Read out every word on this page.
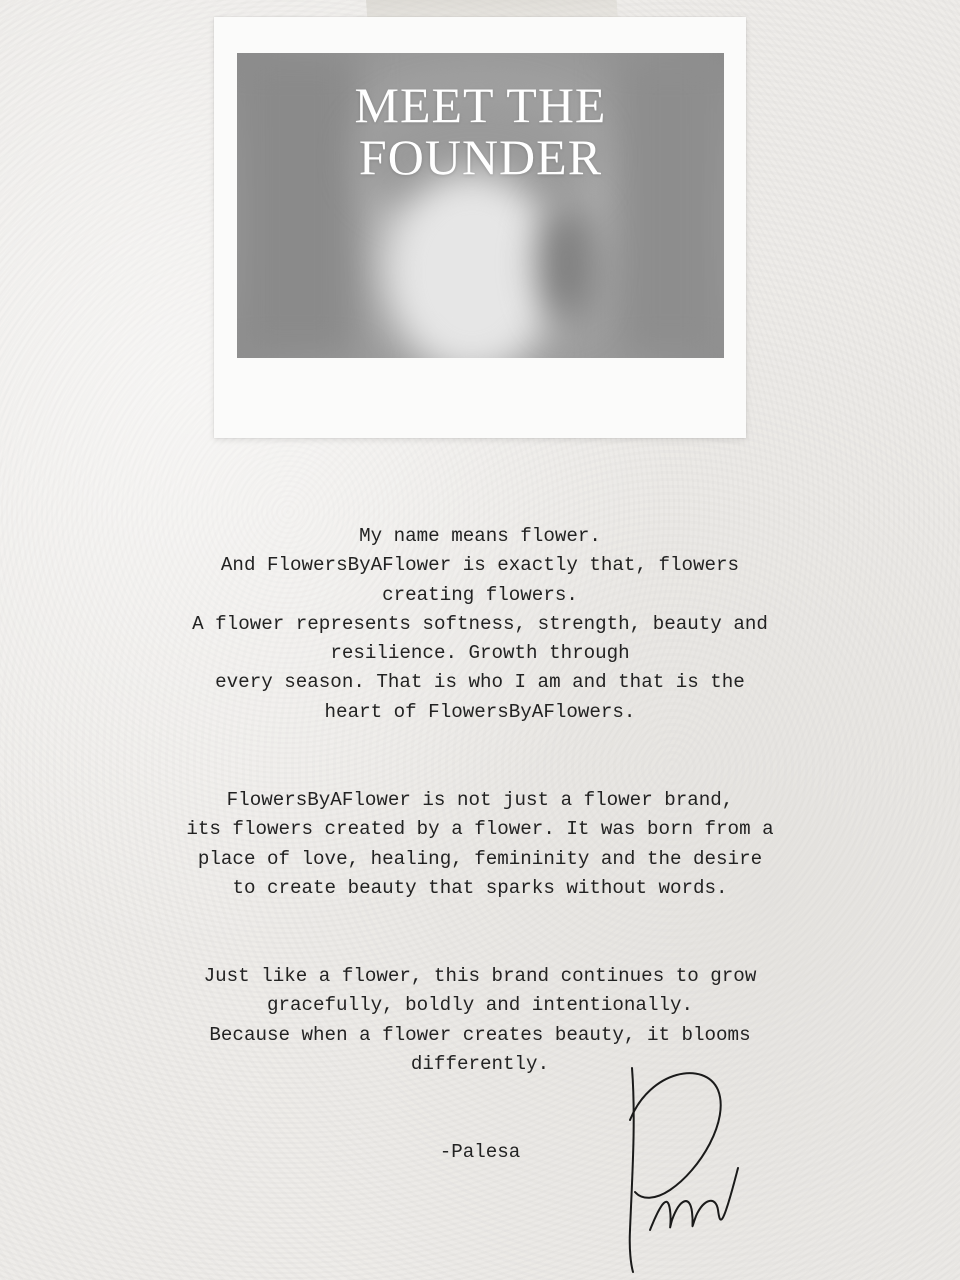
MEET THE
FOUNDER
My name means flower.
And FlowersByAFlower is exactly that, flowers
creating flowers.
A flower represents softness, strength, beauty and
resilience. Growth through
every season. That is who I am and that is the
heart of FlowersByAFlowers.
FlowersByAFlower is not just a flower brand,
its flowers created by a flower. It was born from a
place of love, healing, femininity and the desire
to create beauty that sparks without words.
Just like a flower, this brand continues to grow
gracefully, boldly and intentionally.
Because when a flower creates beauty, it blooms
differently.
-Palesa
